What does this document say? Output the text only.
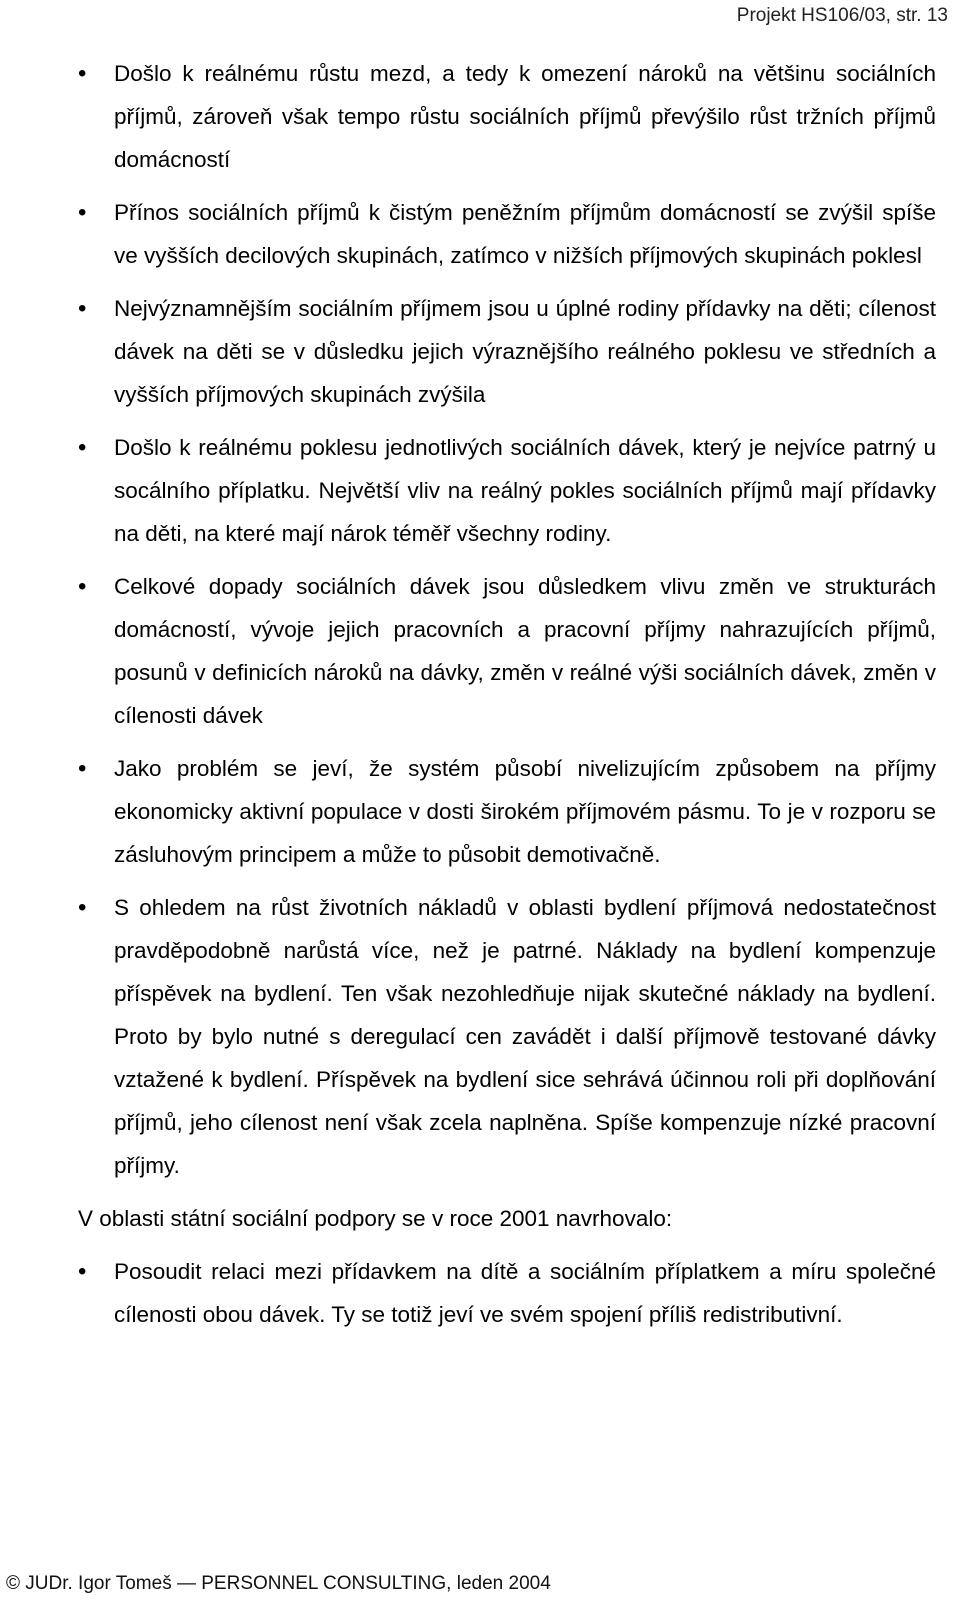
Projekt HS106/03, str. 13
• Došlo k reálnému růstu mezd, a tedy k omezení nároků na většinu sociálních příjmů, zároveň však tempo růstu sociálních příjmů převýšilo růst tržních příjmů domácností
• Přínos sociálních příjmů k čistým peněžním příjmům domácností se zvýšil spíše ve vyšších decilových skupinách, zatímco v nižších příjmových skupinách poklesl
• Nejvýznamnějším sociálním příjmem jsou u úplné rodiny přídavky na děti; cílenost dávek na děti se v důsledku jejich výraznějšího reálného poklesu ve středních a vyšších příjmových skupinách zvýšila
• Došlo k reálnému poklesu jednotlivých sociálních dávek, který je nejvíce patrný u socálního příplatku. Největší vliv na reálný pokles sociálních příjmů mají přídavky na děti, na které mají nárok téměř všechny rodiny.
• Celkové dopady sociálních dávek jsou důsledkem vlivu změn ve strukturách domácností, vývoje jejich pracovních a pracovní příjmy nahrazujících příjmů, posunů v definicích nároků na dávky, změn v reálné výši sociálních dávek, změn v cílenosti dávek
• Jako problém se jeví, že systém působí nivelizujícím způsobem na příjmy ekonomicky aktivní populace v dosti širokém příjmovém pásmu. To je v rozporu se zásluhovým principem a může to působit demotivačně.
• S ohledem na růst životních nákladů v oblasti bydlení příjmová nedostatečnost pravděpodobně narůstá více, než je patrné. Náklady na bydlení kompenzuje příspěvek na bydlení. Ten však nezohledňuje nijak skutečné náklady na bydlení. Proto by bylo nutné s deregulací cen zavádět i další příjmově testované dávky vztažené k bydlení. Příspěvek na bydlení sice sehrává účinnou roli při doplňování příjmů, jeho cílenost není však zcela naplněna. Spíše kompenzuje nízké pracovní příjmy.

V oblasti státní sociální podpory se v roce 2001 navrhovalo:

• Posoudit relaci mezi přídavkem na dítě a sociálním příplatkem a míru společné cílenosti obou dávek. Ty se totiž jeví ve svém spojení příliš redistributivní.
© JUDr. Igor Tomeš — PERSONNEL CONSULTING, leden 2004
